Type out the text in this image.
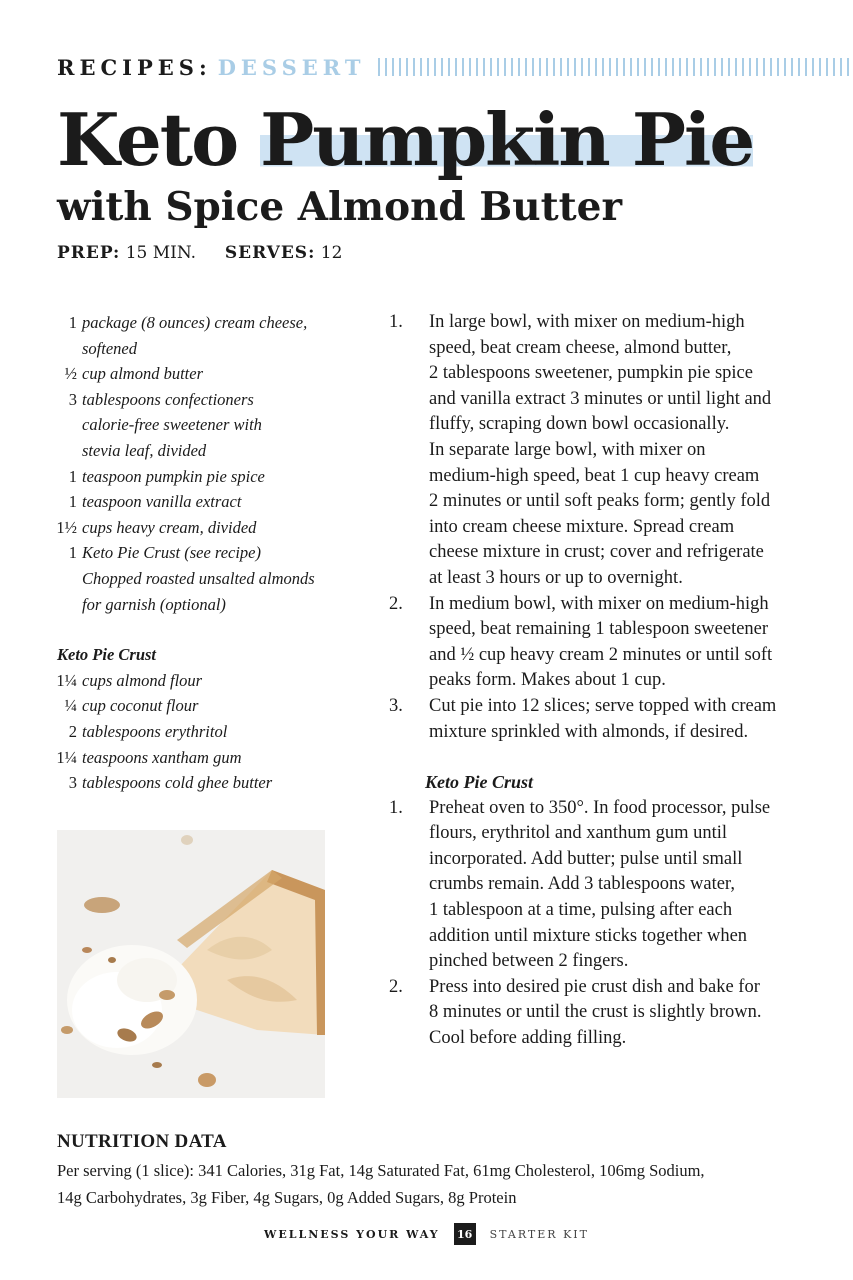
RECIPES: DESSERT
Keto Pumpkin Pie
with Spice Almond Butter
PREP: 15 MIN. SERVES: 12
1 package (8 ounces) cream cheese,
softened
½ cup almond butter
3 tablespoons confectioners
calorie-free sweetener with
stevia leaf, divided
1 teaspoon pumpkin pie spice
1 teaspoon vanilla extract
1½ cups heavy cream, divided
1 Keto Pie Crust (see recipe)
Chopped roasted unsalted almonds
for garnish (optional)
Keto Pie Crust
1¼ cups almond flour
¼ cup coconut flour
2 tablespoons erythritol
1¼ teaspoons xantham gum
3 tablespoons cold ghee butter
1.	In large bowl, with mixer on medium-high
speed, beat cream cheese, almond butter,
2 tablespoons sweetener, pumpkin pie spice
and vanilla extract 3 minutes or until light and
fluffy, scraping down bowl occasionally.
In separate large bowl, with mixer on
medium-high speed, beat 1 cup heavy cream
2 minutes or until soft peaks form; gently fold
into cream cheese mixture. Spread cream
cheese mixture in crust; cover and refrigerate
at least 3 hours or up to overnight.
2.	In medium bowl, with mixer on medium-high
speed, beat remaining 1 tablespoon sweetener
and ½ cup heavy cream 2 minutes or until soft
peaks form. Makes about 1 cup.
3.	Cut pie into 12 slices; serve topped with cream
mixture sprinkled with almonds, if desired.
Keto Pie Crust
1.	Preheat oven to 350°. In food processor, pulse
flours, erythritol and xanthum gum until
incorporated. Add butter; pulse until small
crumbs remain. Add 3 tablespoons water,
1 tablespoon at a time, pulsing after each
addition until mixture sticks together when
pinched between 2 fingers.
2.	Press into desired pie crust dish and bake for
8 minutes or until the crust is slightly brown.
Cool before adding filling.
NUTRITION DATA
Per serving (1 slice): 341 Calories, 31g Fat, 14g Saturated Fat, 61mg Cholesterol, 106mg Sodium,
14g Carbohydrates, 3g Fiber, 4g Sugars, 0g Added Sugars, 8g Protein
WELLNESS YOUR WAY	16	STARTER KIT
